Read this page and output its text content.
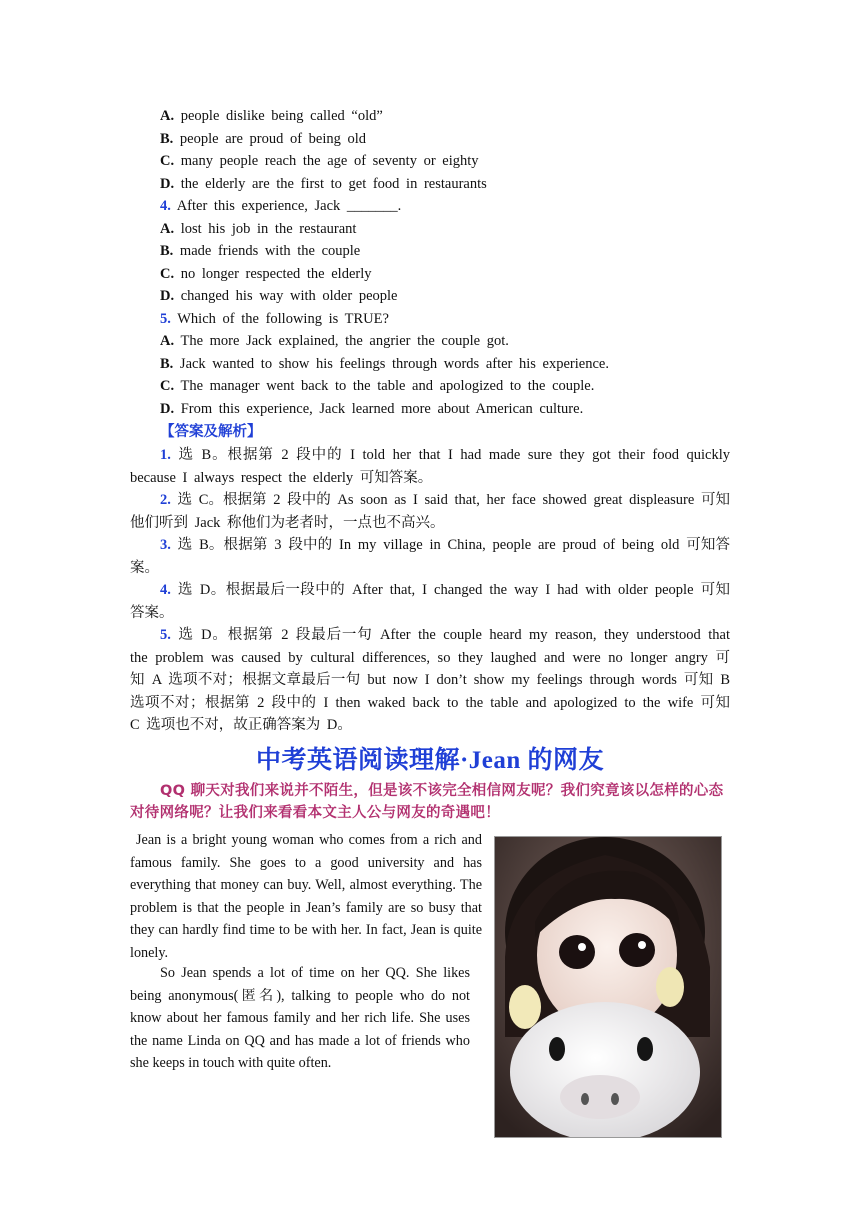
A. people dislike being called “old”
B. people are proud of being old
C. many people reach the age of seventy or eighty
D. the elderly are the first to get food in restaurants
4. After this experience, Jack _______.
A. lost his job in the restaurant
B. made friends with the couple
C. no longer respected the elderly
D. changed his way with older people
5. Which of the following is TRUE?
A. The more Jack explained, the angrier the couple got.
B. Jack wanted to show his feelings through words after his experience.
C. The manager went back to the table and apologized to the couple.
D. From this experience, Jack learned more about American culture.
【答案及解析】
1. 选 B。根据第 2 段中的 I told her that I had made sure they got their food quickly because I always respect the elderly 可知答案。
2. 选 C。根据第 2 段中的 As soon as I said that, her face showed great displeasure 可知他们听到 Jack 称他们为老者时，一点也不高兴。
3. 选 B。根据第 3 段中的 In my village in China, people are proud of being old 可知答案。
4. 选 D。根据最后一段中的 After that, I changed the way I had with older people 可知答案。
5. 选 D。根据第 2 段最后一句 After the couple heard my reason, they understood that the problem was caused by cultural differences, so they laughed and were no longer angry 可知 A 选项不对；根据文章最后一句 but now I don’t show my feelings through words 可知 B 选项不对；根据第 2 段中的 I then waked back to the table and apologized to the wife 可知 C 选项也不对，故正确答案为 D。
中考英语阅读理解·Jean 的网友
QQ 聊天对我们来说并不陌生，但是该不该完全相信网友呢？我们究竟该以怎样的心态对待网络呢？让我们来看看本文主人公与网友的奇遇吧！
Jean is a bright young woman who comes from a rich and famous family. She goes to a good university and has everything that money can buy. Well, almost everything. The problem is that the people in Jean’s family are so busy that they can hardly find time to be with her. In fact, Jean is quite lonely.
So Jean spends a lot of time on her QQ. She likes being anonymous(匿名), talking to people who do not know about her famous family and her rich life. She uses the name Linda on QQ and has made a lot of friends who she keeps in touch with quite often.
